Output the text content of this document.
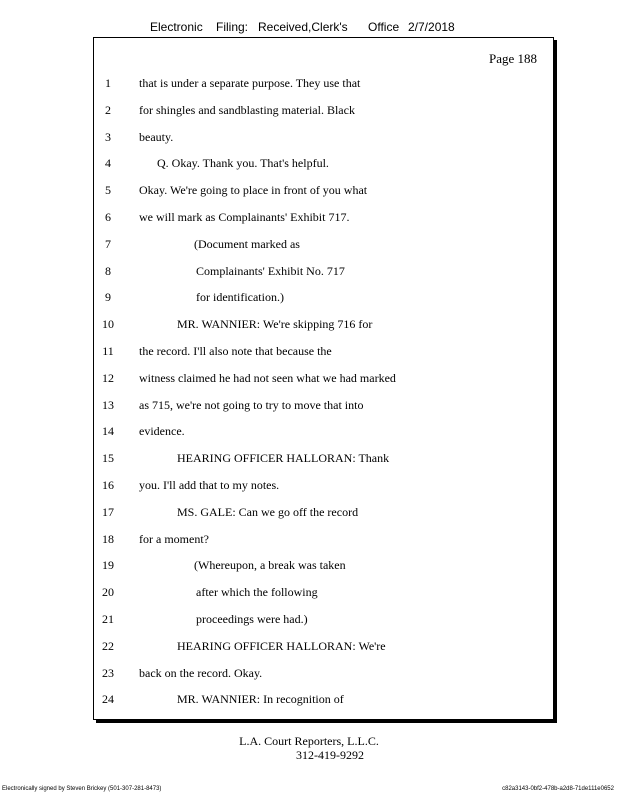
Electronic Filing: Received,Clerk's Office 2/7/2018
Page 188
1	that is under a separate purpose. They use that
2	for shingles and sandblasting material. Black
3	beauty.
4	Q. Okay. Thank you. That's helpful.
5	Okay. We're going to place in front of you what
6	we will mark as Complainants' Exhibit 717.
7	(Document marked as
8	Complainants' Exhibit No. 717
9	for identification.)
10	MR. WANNIER: We're skipping 716 for
11	the record. I'll also note that because the
12	witness claimed he had not seen what we had marked
13	as 715, we're not going to try to move that into
14	evidence.
15	HEARING OFFICER HALLORAN: Thank
16	you. I'll add that to my notes.
17	MS. GALE: Can we go off the record
18	for a moment?
19	(Whereupon, a break was taken
20	after which the following
21	proceedings were had.)
22	HEARING OFFICER HALLORAN: We're
23	back on the record. Okay.
24	MR. WANNIER: In recognition of
L.A. Court Reporters, L.L.C.
312-419-9292
Electronically signed by Steven Brickey (501-307-281-8473)	c82a3143-0bf2-478b-a2d8-71de111e0652
